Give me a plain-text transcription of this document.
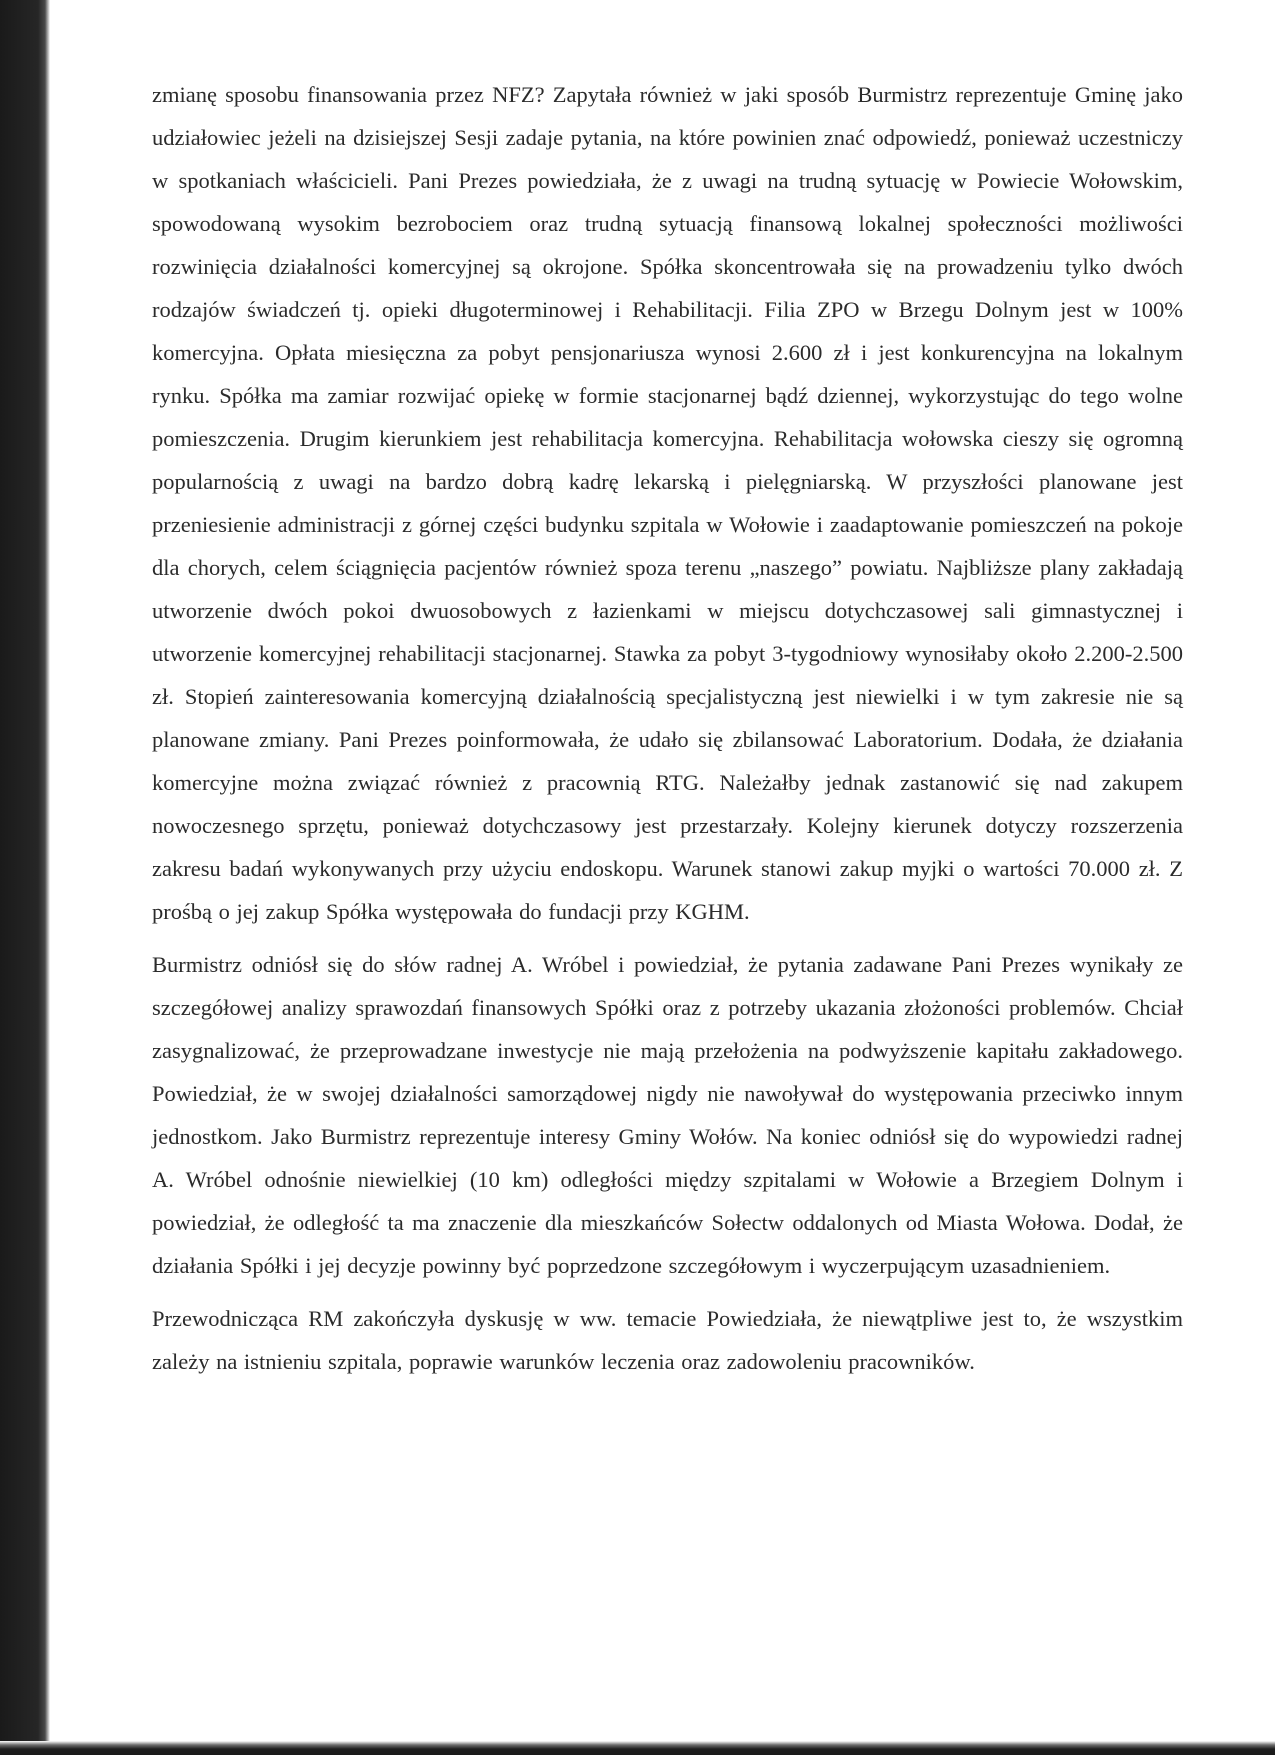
zmianę sposobu finansowania przez NFZ? Zapytała również w jaki sposób Burmistrz reprezentuje Gminę jako udziałowiec jeżeli na dzisiejszej Sesji zadaje pytania, na które powinien znać odpowiedź, ponieważ uczestniczy w spotkaniach właścicieli. Pani Prezes powiedziała, że z uwagi na trudną sytuację w Powiecie Wołowskim, spowodowaną wysokim bezrobociem oraz trudną sytuacją finansową lokalnej społeczności możliwości rozwinięcia działalności komercyjnej są okrojone. Spółka skoncentrowała się na prowadzeniu tylko dwóch rodzajów świadczeń tj. opieki długoterminowej i Rehabilitacji. Filia ZPO w Brzegu Dolnym jest w 100% komercyjna. Opłata miesięczna za pobyt pensjonariusza wynosi 2.600 zł i jest konkurencyjna na lokalnym rynku. Spółka ma zamiar rozwijać opiekę w formie stacjonarnej bądź dziennej, wykorzystując do tego wolne pomieszczenia. Drugim kierunkiem jest rehabilitacja komercyjna. Rehabilitacja wołowska cieszy się ogromną popularnością z uwagi na bardzo dobrą kadrę lekarską i pielęgniarską. W przyszłości planowane jest przeniesienie administracji z górnej części budynku szpitala w Wołowie i zaadaptowanie pomieszczeń na pokoje dla chorych, celem ściągnięcia pacjentów również spoza terenu „naszego” powiatu. Najbliższe plany zakładają utworzenie dwóch pokoi dwuosobowych z łazienkami w miejscu dotychczasowej sali gimnastycznej i utworzenie komercyjnej rehabilitacji stacjonarnej. Stawka za pobyt 3-tygodniowy wynosiłaby około 2.200-2.500 zł. Stopień zainteresowania komercyjną działalnością specjalistyczną jest niewielki i w tym zakresie nie są planowane zmiany. Pani Prezes poinformowała, że udało się zbilansować Laboratorium. Dodała, że działania komercyjne można związać również z pracownią RTG. Należałby jednak zastanowić się nad zakupem nowoczesnego sprzętu, ponieważ dotychczasowy jest przestarzały. Kolejny kierunek dotyczy rozszerzenia zakresu badań wykonywanych przy użyciu endoskopu. Warunek stanowi zakup myjki o wartości 70.000 zł. Z prośbą o jej zakup Spółka występowała do fundacji przy KGHM.

Burmistrz odniósł się do słów radnej A. Wróbel i powiedział, że pytania zadawane Pani Prezes wynikały ze szczegółowej analizy sprawozdań finansowych Spółki oraz z potrzeby ukazania złożoności problemów. Chciał zasygnalizować, że przeprowadzane inwestycje nie mają przełożenia na podwyższenie kapitału zakładowego. Powiedział, że w swojej działalności samorządowej nigdy nie nawoływał do występowania przeciwko innym jednostkom. Jako Burmistrz reprezentuje interesy Gminy Wołów. Na koniec odniósł się do wypowiedzi radnej A. Wróbel odnośnie niewielkiej (10 km) odległości między szpitalami w Wołowie a Brzegiem Dolnym i powiedział, że odległość ta ma znaczenie dla mieszkańców Sołectw oddalonych od Miasta Wołowa. Dodał, że działania Spółki i jej decyzje powinny być poprzedzone szczegółowym i wyczerpującym uzasadnieniem.

Przewodnicząca RM zakończyła dyskusję w ww. temacie Powiedziała, że niewątpliwe jest to, że wszystkim zależy na istnieniu szpitala, poprawie warunków leczenia oraz zadowoleniu pracowników.
